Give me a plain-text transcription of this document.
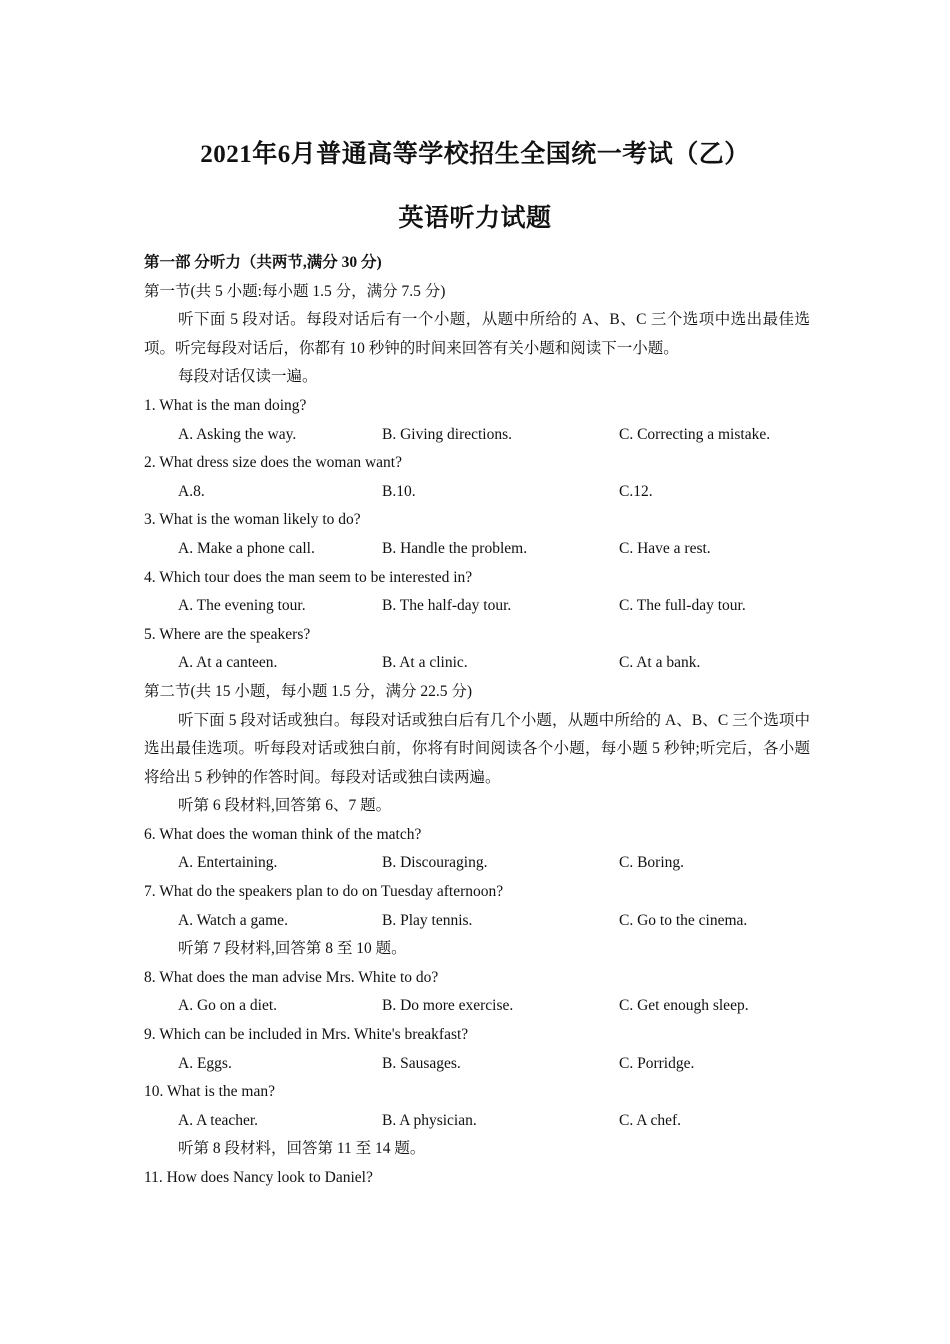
2021年6月普通高等学校招生全国统一考试（乙）
英语听力试题
第一部 分听力（共两节,满分 30 分)
第一节(共 5 小题:每小题 1.5 分，满分 7.5 分)
听下面 5 段对话。每段对话后有一个小题，从题中所给的 A、B、C 三个选项中选出最佳选项。听完每段对话后，你都有 10 秒钟的时间来回答有关小题和阅读下一小题。
每段对话仅读一遍。
1. What is the man doing?
A. Asking the way.	B. Giving directions.	C. Correcting a mistake.
2. What dress size does the woman want?
A.8.	B.10.	C.12.
3. What is the woman likely to do?
A. Make a phone call.	B. Handle the problem.	C. Have a rest.
4. Which tour does the man seem to be interested in?
A. The evening tour.	B. The half-day tour.	C. The full-day tour.
5. Where are the speakers?
A. At a canteen.	B. At a clinic.	C. At a bank.
第二节(共 15 小题，每小题 1.5 分，满分 22.5 分)
听下面 5 段对话或独白。每段对话或独白后有几个小题，从题中所给的 A、B、C 三个选项中选出最佳选项。听每段对话或独白前，你将有时间阅读各个小题，每小题 5 秒钟;听完后，各小题将给出 5 秒钟的作答时间。每段对话或独白读两遍。
听第 6 段材料,回答第 6、7 题。
6. What does the woman think of the match?
A. Entertaining.	B. Discouraging.	C. Boring.
7. What do the speakers plan to do on Tuesday afternoon?
A. Watch a game.	B. Play tennis.	C. Go to the cinema.
听第 7 段材料,回答第 8 至 10 题。
8. What does the man advise Mrs. White to do?
A. Go on a diet.	B. Do more exercise.	C. Get enough sleep.
9. Which can be included in Mrs. White's breakfast?
A. Eggs.	B. Sausages.	C. Porridge.
10. What is the man?
A. A teacher.	B. A physician.	C. A chef.
听第 8 段材料，回答第 11 至 14 题。
11. How does Nancy look to Daniel?
